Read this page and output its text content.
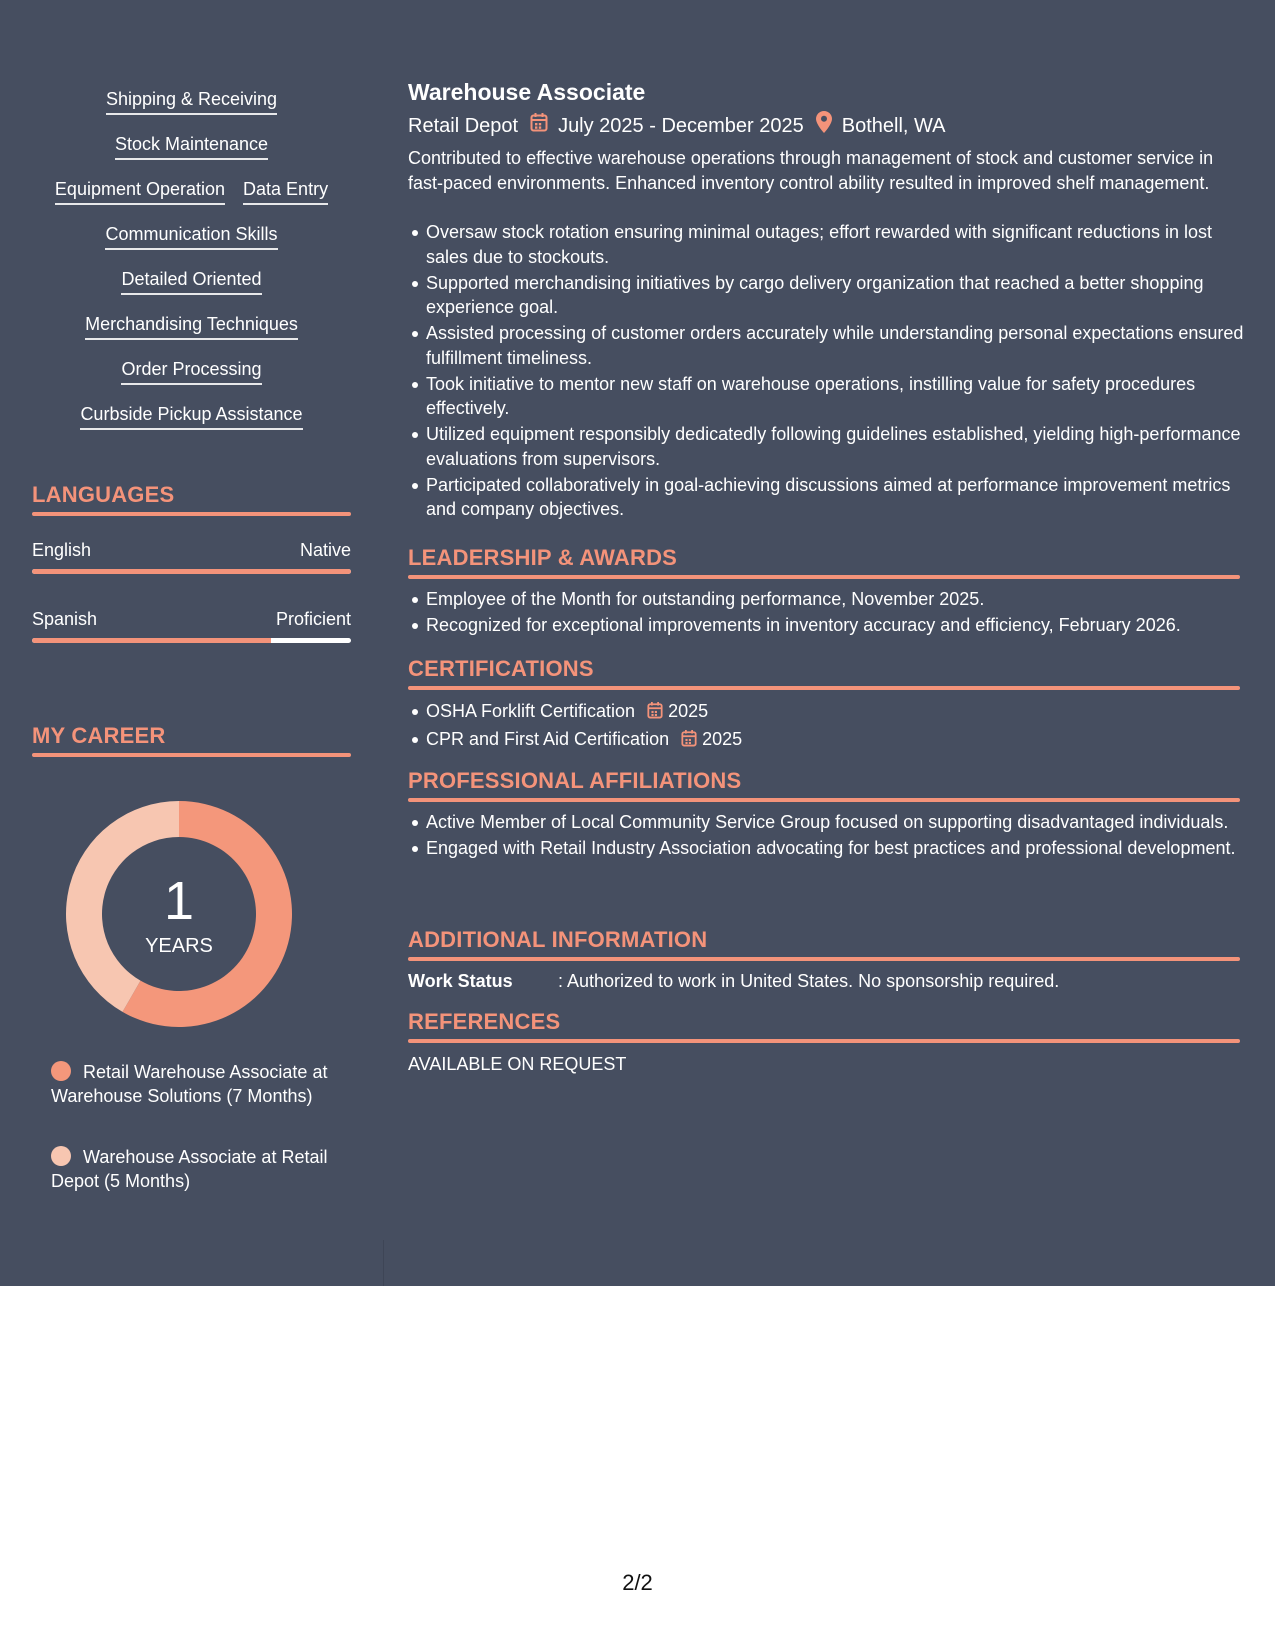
Shipping & Receiving
Stock Maintenance
Equipment Operation Data Entry
Communication Skills
Detailed Oriented
Merchandising Techniques
Order Processing
Curbside Pickup Assistance
LANGUAGES
English	Native
Spanish	Proficient
MY CAREER
1
YEARS
Retail Warehouse Associate at Warehouse Solutions (7 Months)
Warehouse Associate at Retail Depot (5 Months)
Warehouse Associate
Retail Depot July 2025 - December 2025 Bothell, WA
Contributed to effective warehouse operations through management of stock and customer service in fast-paced environments. Enhanced inventory control ability resulted in improved shelf management.
Oversaw stock rotation ensuring minimal outages; effort rewarded with significant reductions in lost sales due to stockouts.
Supported merchandising initiatives by cargo delivery organization that reached a better shopping experience goal.
Assisted processing of customer orders accurately while understanding personal expectations ensured fulfillment timeliness.
Took initiative to mentor new staff on warehouse operations, instilling value for safety procedures effectively.
Utilized equipment responsibly dedicatedly following guidelines established, yielding high-performance evaluations from supervisors.
Participated collaboratively in goal-achieving discussions aimed at performance improvement metrics and company objectives.
LEADERSHIP & AWARDS
Employee of the Month for outstanding performance, November 2025.
Recognized for exceptional improvements in inventory accuracy and efficiency, February 2026.
CERTIFICATIONS
OSHA Forklift Certification 2025
CPR and First Aid Certification 2025
PROFESSIONAL AFFILIATIONS
Active Member of Local Community Service Group focused on supporting disadvantaged individuals.
Engaged with Retail Industry Association advocating for best practices and professional development.
ADDITIONAL INFORMATION
Work Status	: Authorized to work in United States. No sponsorship required.
REFERENCES
AVAILABLE ON REQUEST
2/2
